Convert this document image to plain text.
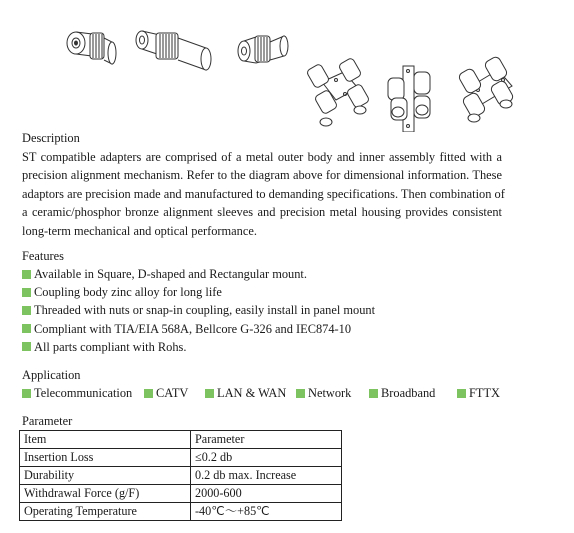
Description
ST compatible adapters are comprised of a metal outer body and inner assembly fitted with a
precision alignment mechanism. Refer to the diagram above for dimensional information. These
adaptors are precision made and manufactured to demanding specifications. Then combination of
a ceramic/phosphor bronze alignment sleeves and precision metal housing provides consistent
long-term mechanical and optical performance.
Features
Available in Square, D-shaped and Rectangular mount.
Coupling body zinc alloy for long life
Threaded with nuts or snap-in coupling, easily install in panel mount
Compliant with TIA/EIA 568A, Bellcore G-326 and IEC874-10
All parts compliant with Rohs.
Application
Telecommunication	CATV	LAN & WAN	Network	Broadband	FTTX
Parameter
Item	Parameter
Insertion Loss	≤0.2 db
Durability	0.2 db max. Increase
Withdrawal Force (g/F)	2000-600
Operating Temperature	-40℃～+85℃
